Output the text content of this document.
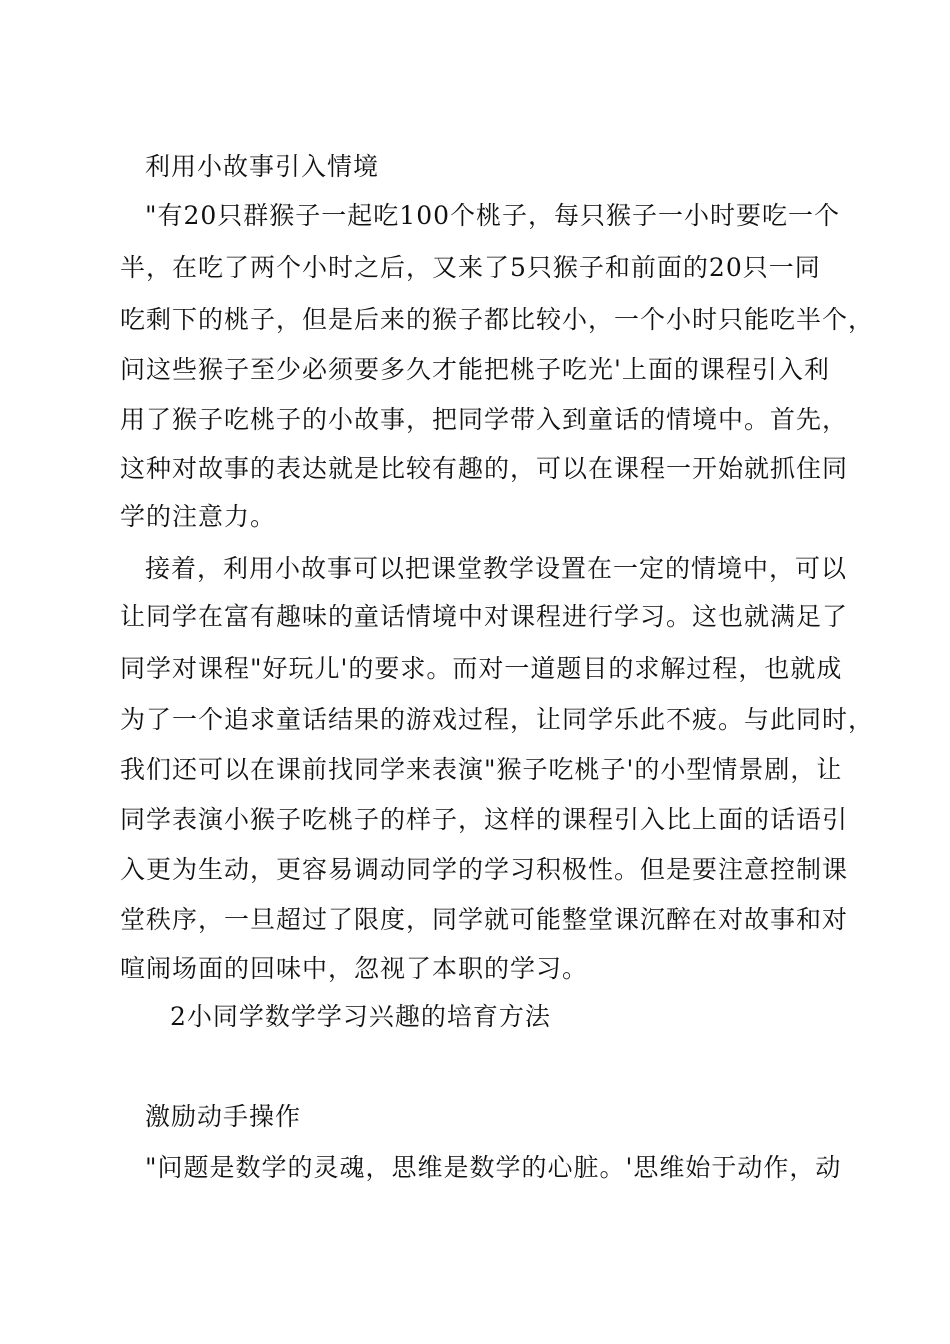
利用小故事引入情境
"有20只群猴子一起吃100个桃子，每只猴子一小时要吃一个
半，在吃了两个小时之后，又来了5只猴子和前面的20只一同
吃剩下的桃子，但是后来的猴子都比较小，一个小时只能吃半个，
问这些猴子至少必须要多久才能把桃子吃光'上面的课程引入利
用了猴子吃桃子的小故事，把同学带入到童话的情境中。首先，
这种对故事的表达就是比较有趣的，可以在课程一开始就抓住同
学的注意力。
接着，利用小故事可以把课堂教学设置在一定的情境中，可以
让同学在富有趣味的童话情境中对课程进行学习。这也就满足了
同学对课程"好玩儿'的要求。而对一道题目的求解过程，也就成
为了一个追求童话结果的游戏过程，让同学乐此不疲。与此同时，
我们还可以在课前找同学来表演"猴子吃桃子'的小型情景剧，让
同学表演小猴子吃桃子的样子，这样的课程引入比上面的话语引
入更为生动，更容易调动同学的学习积极性。但是要注意控制课
堂秩序，一旦超过了限度，同学就可能整堂课沉醉在对故事和对
喧闹场面的回味中，忽视了本职的学习。
2小同学数学学习兴趣的培育方法
激励动手操作
"问题是数学的灵魂，思维是数学的心脏。'思维始于动作，动
